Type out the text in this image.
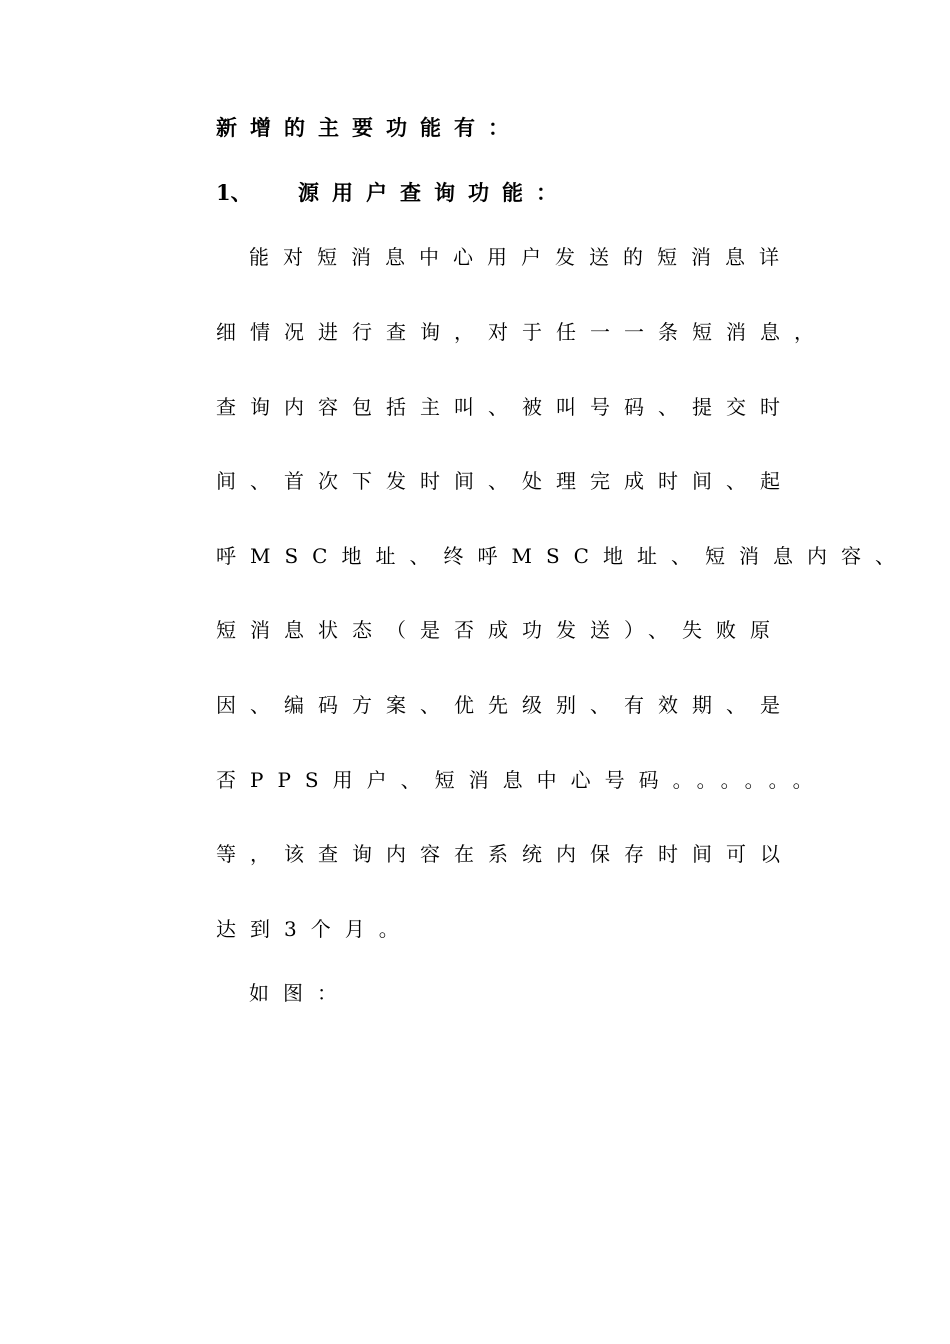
新增的主要功能有：
1、 源用户查询功能：
能对短消息中心用户发送的短消息详
细情况进行查询，对于任一一条短消息，
查询内容包括主叫、被叫号码、提交时
间、首次下发时间、处理完成时间、起
呼MSC地址、终呼MSC地址、短消息内容、
短消息状态（是否成功发送）、失败原
因、编码方案、优先级别、有效期、是
否PPS用户、短消息中心号码。。。。。。
等，该查询内容在系统内保存时间可以
达到3个月。
如图：
